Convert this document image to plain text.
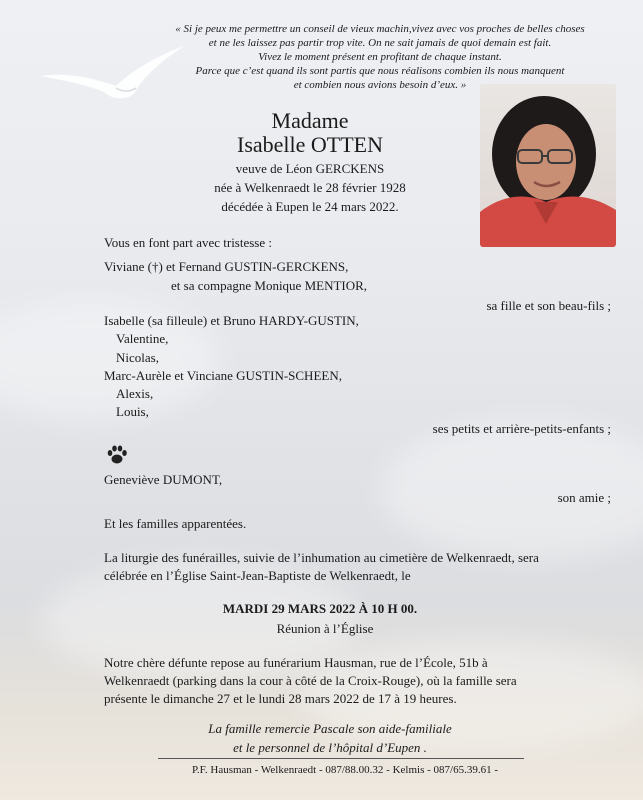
« Si je peux me permettre un conseil de vieux machin,vivez avec vos proches de belles choses
et ne les laissez pas partir trop vite. On ne sait jamais de quoi demain est fait.
Vivez le moment présent en profitant de chaque instant.
Parce que c’est quand ils sont partis que nous réalisons combien ils nous manquent
et combien nous avions besoin d’eux. »
Madame
Isabelle OTTEN
veuve de Léon GERCKENS
née à Welkenraedt le 28 février 1928
décédée à Eupen le 24 mars 2022.
Vous en font part avec tristesse :
Viviane (†) et Fernand GUSTIN-GERCKENS,
et sa compagne Monique MENTIOR,
sa fille et son beau-fils ;
Isabelle (sa filleule) et Bruno HARDY-GUSTIN,
Valentine,
Nicolas,
Marc-Aurèle et Vinciane GUSTIN-SCHEEN,
Alexis,
Louis,
ses petits et arrière-petits-enfants ;
Geneviève DUMONT,
son amie ;
Et les familles apparentées.
La liturgie des funérailles, suivie de l’inhumation au cimetière de Welkenraedt, sera
célébrée en l’Église Saint-Jean-Baptiste de Welkenraedt, le
MARDI 29 MARS 2022 À 10 H 00.
Réunion à l’Église
Notre chère défunte repose au funérarium Hausman, rue de l’École, 51b à
Welkenraedt (parking dans la cour à côté de la Croix-Rouge), où la famille sera
présente le dimanche 27 et le lundi 28 mars 2022 de 17 à 19 heures.
La famille remercie Pascale son aide-familiale
et le personnel de l’hôpital d’Eupen .
P.F. Hausman - Welkenraedt - 087/88.00.32 - Kelmis - 087/65.39.61 -
